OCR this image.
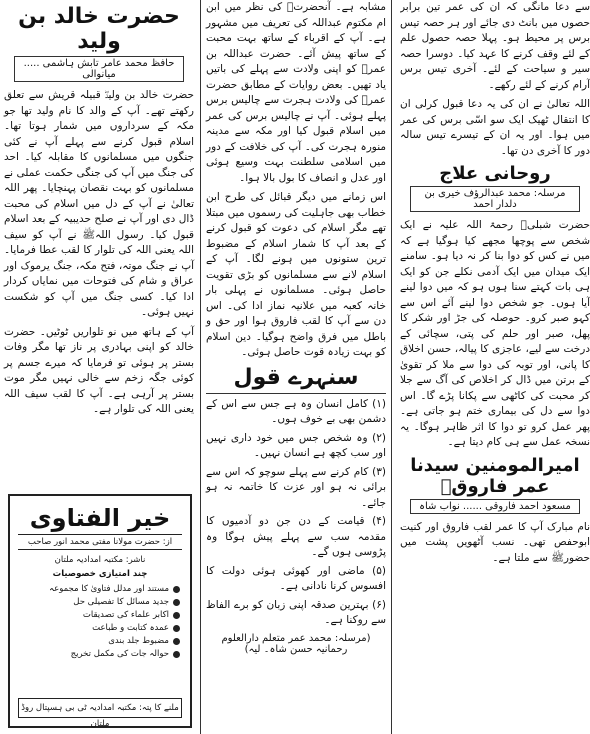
سے دعا مانگی کہ ان کی عمر تین برابر حصوں میں بانٹ دی جائے اور ہر حصہ تیس برس پر محیط ہو۔ پہلا حصہ حصول علم کے لئے وقف کرنے کا عہد کیا۔ دوسرا حصہ سیر و سیاحت کے لئے۔ آخری تیس برس آرام کرنے کے لئے رکھے۔

اللہ تعالیٰ نے ان کی یہ دعا قبول کرلی ان کا انتقال ٹھیک ایک سو اسّی برس کی عمر میں ہوا۔ اور یہ ان کے تیسرے تیس سالہ دور کا آخری دن تھا۔

روحانی علاج
مرسلہ: محمد عبدالرؤف خیری بن دلدار احمد

حضرت شبلیؒ رحمۃ اللہ علیہ نے ایک شخص سے پوچھا مجھے کیا ہوگیا ہے کہ میں نے کس کو دوا بنا کر نہ دیا ہو۔ سامنے ایک میدان میں ایک آدمی نکلے جن کو ایک ہی بات کہتے سنا ہوں ہو کہ میں دوا لینے آیا ہوں۔ جو شخص دوا لینے آئے اس سے کہو صبر کرو۔ حوصلہ کی جڑ اور شکر کا پھل، صبر اور حلم کی پتی، سچائی کے درخت سے لیے، عاجزی کا پیالہ، حسن اخلاق کا پانی، اور توبہ کی دوا سے ملا کر تقویٰ کے برتن میں ڈال کر اخلاص کی آگ سے جلا کر محبت کی کاٹھی سے پکانا پڑے گا۔ اس دوا سے دل کی بیماری ختم ہو جاتی ہے۔ پھر عمل کرو تو دوا کا اثر ظاہر ہوگا۔ یہ نسخہ عمل سے ہی کام دیتا ہے۔

امیرالمومنین سیدنا عمر فاروقؓ
مسعود احمد فاروقی ...... نواب شاہ

نام مبارک آپ کا عمر لقب فاروق اور کنیت ابوحفص تھی۔ نسب آٹھویں پشت میں حضورﷺ سے ملتا ہے۔

مشابہ ہے۔ آنحضرتﷺ کی نظر میں ابن ام مکتوم عبداللہ کی تعریف میں مشہور ہے۔ آپ کے اقرباء کے ساتھ بہت محبت کے ساتھ پیش آئے۔ حضرت عبداللہ بن عمرؓ کو اپنی ولادت سے پہلے کی باتیں یاد تھیں۔ بعض روایات کے مطابق حضرت عمرؓ کی ولادت ہجرت سے چالیس برس پہلے ہوئی۔ آپ نے چالیس برس کی عمر میں اسلام قبول کیا اور مکہ سے مدینہ منورہ ہجرت کی۔ آپ کی خلافت کے دور میں اسلامی سلطنت بہت وسیع ہوئی اور عدل و انصاف کا بول بالا ہوا۔

اس زمانے میں دیگر قبائل کی طرح ابن خطاب بھی جاہلیت کی رسموں میں مبتلا تھے مگر اسلام کی دعوت کو قبول کرنے کے بعد آپ کا شمار اسلام کے مضبوط ترین ستونوں میں ہونے لگا۔ آپ کے اسلام لانے سے مسلمانوں کو بڑی تقویت حاصل ہوئی۔ مسلمانوں نے پہلی بار خانہ کعبہ میں علانیہ نماز ادا کی۔ اس دن سے آپ کا لقب فاروق ہوا اور حق و باطل میں فرق واضح ہوگیا۔ دین اسلام کو بہت زیادہ قوت حاصل ہوئی۔

سنہرے قول
(۱) کامل انسان وہ ہے جس سے اس کے دشمن بھی بے خوف ہوں۔
(۲) وہ شخص جس میں خود داری نہیں اور سب کچھ ہے انسان نہیں۔
(۳) کام کرنے سے پہلے سوچو کہ اس سے برائی نہ ہو اور عزت کا خاتمہ نہ ہو جائے۔
(۴) قیامت کے دن جن دو آدمیوں کا مقدمہ سب سے پہلے پیش ہوگا وہ پڑوسی ہوں گے۔
(۵) ماضی اور کھوئی ہوئی دولت کا افسوس کرنا نادانی ہے۔
(۶) بہترین صدقہ اپنی زبان کو برے الفاظ سے روکنا ہے۔
(مرسلہ: محمد عمر متعلم دارالعلوم رحمانیہ حسن شاہ۔ لیہ)
حضرت خالد بن ولید
حافظ محمد عامر تابش ہاشمی ..... میانوالی

حضرت خالد بن ولیدؓ قبیلہ قریش سے تعلق رکھتے تھے۔ آپ کے والد کا نام ولید تھا جو مکہ کے سرداروں میں شمار ہوتا تھا۔ اسلام قبول کرنے سے پہلے آپ نے کئی جنگوں میں مسلمانوں کا مقابلہ کیا۔ احد کی جنگ میں آپ کی جنگی حکمت عملی نے مسلمانوں کو بہت نقصان پہنچایا۔ پھر اللہ تعالیٰ نے آپ کے دل میں اسلام کی محبت ڈال دی اور آپ نے صلح حدیبیہ کے بعد اسلام قبول کیا۔ رسول اللہﷺ نے آپ کو سیف اللہ یعنی اللہ کی تلوار کا لقب عطا فرمایا۔ آپ نے جنگ موتہ، فتح مکہ، جنگ یرموک اور عراق و شام کی فتوحات میں نمایاں کردار ادا کیا۔ کسی جنگ میں آپ کو شکست نہیں ہوئی۔

آپ کے ہاتھ میں نو تلواریں ٹوٹیں۔ حضرت خالد کو اپنی بہادری پر ناز تھا مگر وفات بستر پر ہوئی تو فرمایا کہ میرے جسم پر کوئی جگہ زخم سے خالی نہیں مگر موت بستر پر آرہی ہے۔ آپ کا لقب سیف اللہ یعنی اللہ کی تلوار ہے۔

خیر الفتاوی
از: حضرت مولانا مفتی محمد انور صاحب
ناشر: مکتبہ امدادیہ ملتان
چند امتیازی خصوصیات
مستند اور مدلل فتاویٰ کا مجموعہ
جدید مسائل کا تفصیلی حل
اکابر علماء کی تصدیقات
عمدہ کتابت و طباعت
مضبوط جلد بندی
حوالہ جات کی مکمل تخریج
ملنے کا پتہ: مکتبہ امدادیہ ٹی بی ہسپتال روڈ ملتان
